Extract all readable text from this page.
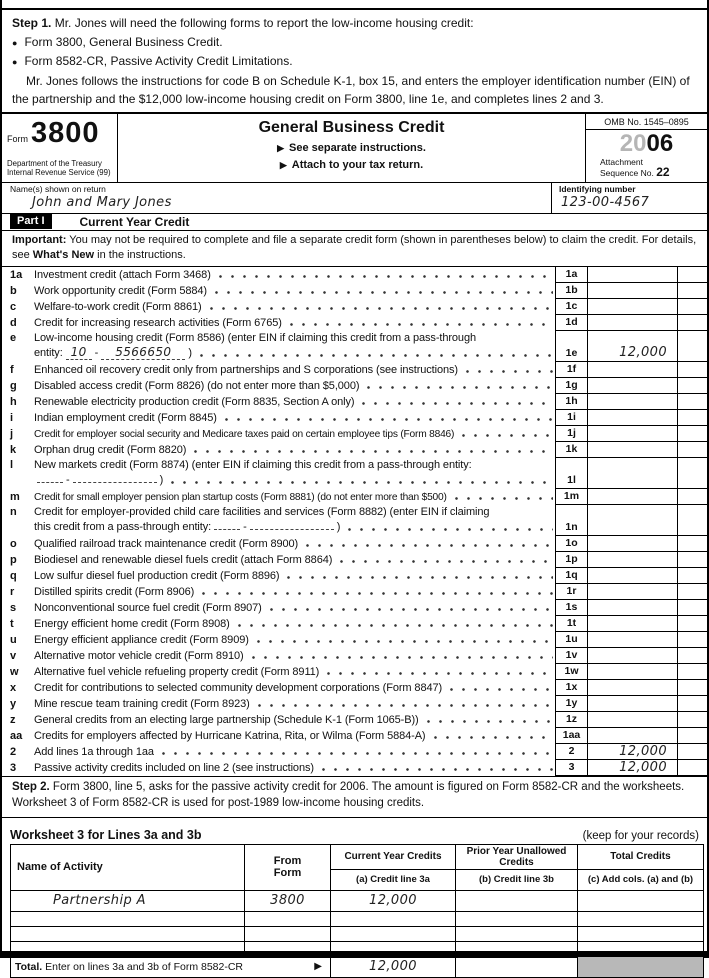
Step 1. Mr. Jones will need the following forms to report the low-income housing credit:
● Form 3800, General Business Credit.
● Form 8582-CR, Passive Activity Credit Limitations.
Mr. Jones follows the instructions for code B on Schedule K-1, box 15, and enters the employer identification number (EIN) of the partnership and the $12,000 low-income housing credit on Form 3800, line 1e, and completes lines 2 and 3.
Form 3800
Department of the Treasury
Internal Revenue Service (99)
General Business Credit
▶ See separate instructions.
▶ Attach to your tax return.
OMB No. 1545–0895
2006
Attachment
Sequence No. 22
Name(s) shown on return
John and Mary Jones
Identifying number
123-00-4567
Part I	Current Year Credit
Important: You may not be required to complete and file a separate credit form (shown in parentheses below) to claim the credit. For details, see What's New in the instructions.
1a	Investment credit (attach Form 3468)	1a
b	Work opportunity credit (Form 5884)	1b
c	Welfare-to-work credit (Form 8861)	1c
d	Credit for increasing research activities (Form 6765)	1d
e	Low-income housing credit (Form 8586) (enter EIN if claiming this credit from a pass-through
entity: 10 -	5566650	)	1e	12,000
f	Enhanced oil recovery credit only from partnerships and S corporations (see instructions)	1f
g	Disabled access credit (Form 8826) (do not enter more than $5,000)	1g
h	Renewable electricity production credit (Form 8835, Section A only)	1h
i	Indian employment credit (Form 8845)	1i
j	Credit for employer social security and Medicare taxes paid on certain employee tips (Form 8846)	1j
k	Orphan drug credit (Form 8820)	1k
l	New markets credit (Form 8874) (enter EIN if claiming this credit from a pass-through entity:
-	)	1l
m	Credit for small employer pension plan startup costs (Form 8881) (do not enter more than $500)	1m
n	Credit for employer-provided child care facilities and services (Form 8882) (enter EIN if claiming
this credit from a pass-through entity:	-	)	1n
o	Qualified railroad track maintenance credit (Form 8900)	1o
p	Biodiesel and renewable diesel fuels credit (attach Form 8864)	1p
q	Low sulfur diesel fuel production credit (Form 8896)	1q
r	Distilled spirits credit (Form 8906)	1r
s	Nonconventional source fuel credit (Form 8907)	1s
t	Energy efficient home credit (Form 8908)	1t
u	Energy efficient appliance credit (Form 8909)	1u
v	Alternative motor vehicle credit (Form 8910)	1v
w	Alternative fuel vehicle refueling property credit (Form 8911)	1w
x	Credit for contributions to selected community development corporations (Form 8847)	1x
y	Mine rescue team training credit (Form 8923)	1y
z	General credits from an electing large partnership (Schedule K-1 (Form 1065-B))	1z
aa	Credits for employers affected by Hurricane Katrina, Rita, or Wilma (Form 5884-A)	1aa
2	Add lines 1a through 1aa	2	12,000
3	Passive activity credits included on line 2 (see instructions)	3	12,000
Step 2. Form 3800, line 5, asks for the passive activity credit for 2006. The amount is figured on Form 8582-CR and the worksheets. Worksheet 3 of Form 8582-CR is used for post-1989 low-income housing credits.
Worksheet 3 for Lines 3a and 3b	(keep for your records)
Name of Activity	From
Form	Current Year Credits	Prior Year Unallowed Credits	Total Credits
		(a) Credit line 3a	(b) Credit line 3b	(c) Add cols. (a) and (b)
Partnership A	3800	12,000		

▶
Total. Enter on lines 3a and 3b of Form 8582-CR		12,000		
